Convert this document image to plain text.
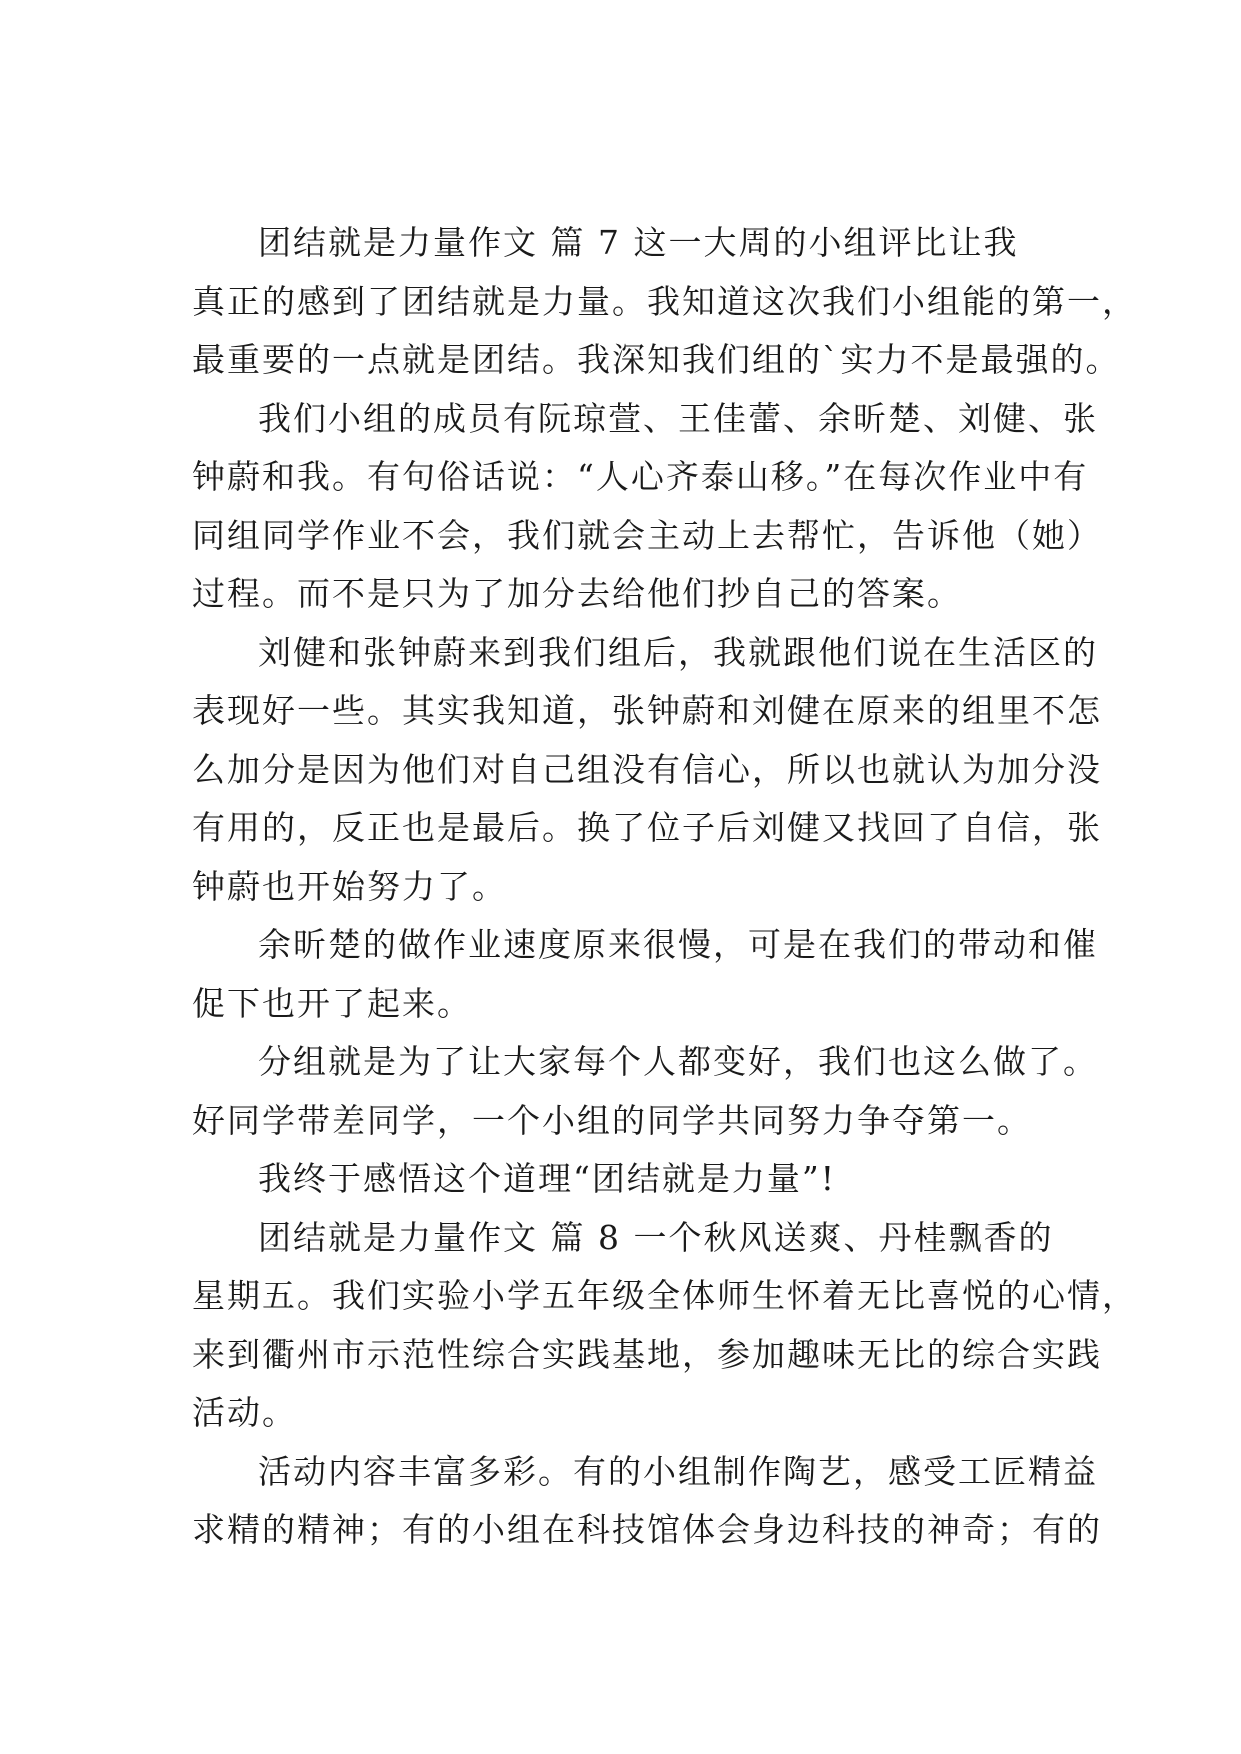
团结就是力量作文 篇 7 这一大周的小组评比让我
真正的感到了团结就是力量。我知道这次我们小组能的第一，
最重要的一点就是团结。我深知我们组的`实力不是最强的。
我们小组的成员有阮琼萱、王佳蕾、余昕楚、刘健、张
钟蔚和我。有句俗话说：“人心齐泰山移。”在每次作业中有
同组同学作业不会，我们就会主动上去帮忙，告诉他（她）
过程。而不是只为了加分去给他们抄自己的答案。
刘健和张钟蔚来到我们组后，我就跟他们说在生活区的
表现好一些。其实我知道，张钟蔚和刘健在原来的组里不怎
么加分是因为他们对自己组没有信心，所以也就认为加分没
有用的，反正也是最后。换了位子后刘健又找回了自信，张
钟蔚也开始努力了。
余昕楚的做作业速度原来很慢，可是在我们的带动和催
促下也开了起来。
分组就是为了让大家每个人都变好，我们也这么做了。
好同学带差同学，一个小组的同学共同努力争夺第一。
我终于感悟这个道理“团结就是力量”!
团结就是力量作文 篇 8 一个秋风送爽、丹桂飘香的
星期五。我们实验小学五年级全体师生怀着无比喜悦的心情，
来到衢州市示范性综合实践基地，参加趣味无比的综合实践
活动。
活动内容丰富多彩。有的小组制作陶艺，感受工匠精益
求精的精神；有的小组在科技馆体会身边科技的神奇；有的
